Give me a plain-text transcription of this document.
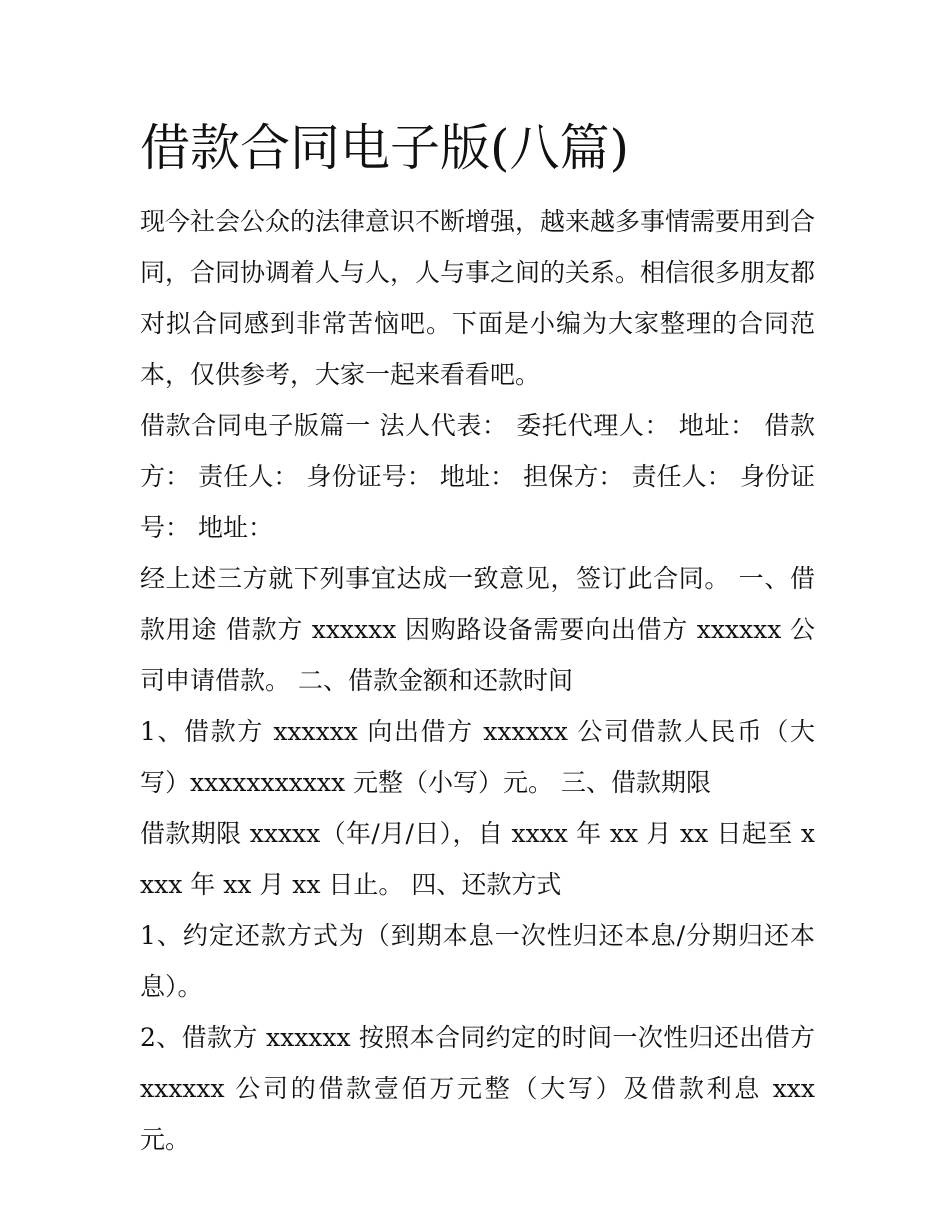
借款合同电子版(八篇)

现今社会公众的法律意识不断增强，越来越多事情需要用到合同，合同协调着人与人，人与事之间的关系。相信很多朋友都对拟合同感到非常苦恼吧。下面是小编为大家整理的合同范本，仅供参考，大家一起来看看吧。

借款合同电子版篇一 法人代表： 委托代理人： 地址： 借款方： 责任人： 身份证号： 地址： 担保方： 责任人： 身份证号： 地址：

经上述三方就下列事宜达成一致意见，签订此合同。 一、借款用途 借款方 xxxxxx 因购路设备需要向出借方 xxxxxx 公司申请借款。 二、借款金额和还款时间

1、借款方 xxxxxx 向出借方 xxxxxx 公司借款人民币（大写）xxxxxxxxxxx 元整（小写）元。 三、借款期限

借款期限 xxxxx（年/月/日），自 xxxx 年 xx 月 xx 日起至 xxxx 年 xx 月 xx 日止。 四、还款方式

1、约定还款方式为（到期本息一次性归还本息/分期归还本息）。

2、借款方 xxxxxx 按照本合同约定的时间一次性归还出借方 xxxxxx 公司的借款壹佰万元整（大写）及借款利息 xxx 元。
